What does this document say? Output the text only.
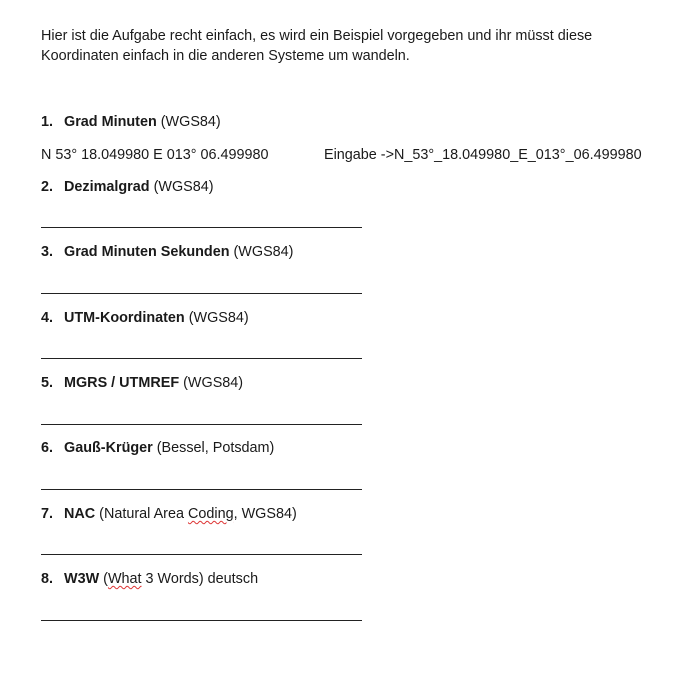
Hier ist die Aufgabe recht einfach, es wird ein Beispiel vorgegeben und ihr müsst diese
Koordinaten einfach in die anderen Systeme um wandeln.

1. Grad Minuten (WGS84)
N 53° 18.049980 E 013° 06.499980	Eingabe ->N_53°_18.049980_E_013°_06.499980
2. Dezimalgrad (WGS84)
3. Grad Minuten Sekunden (WGS84)
4. UTM-Koordinaten (WGS84)
5. MGRS / UTMREF (WGS84)
6. Gauß-Krüger (Bessel, Potsdam)
7. NAC (Natural Area Coding, WGS84)
8. W3W (What 3 Words) deutsch
